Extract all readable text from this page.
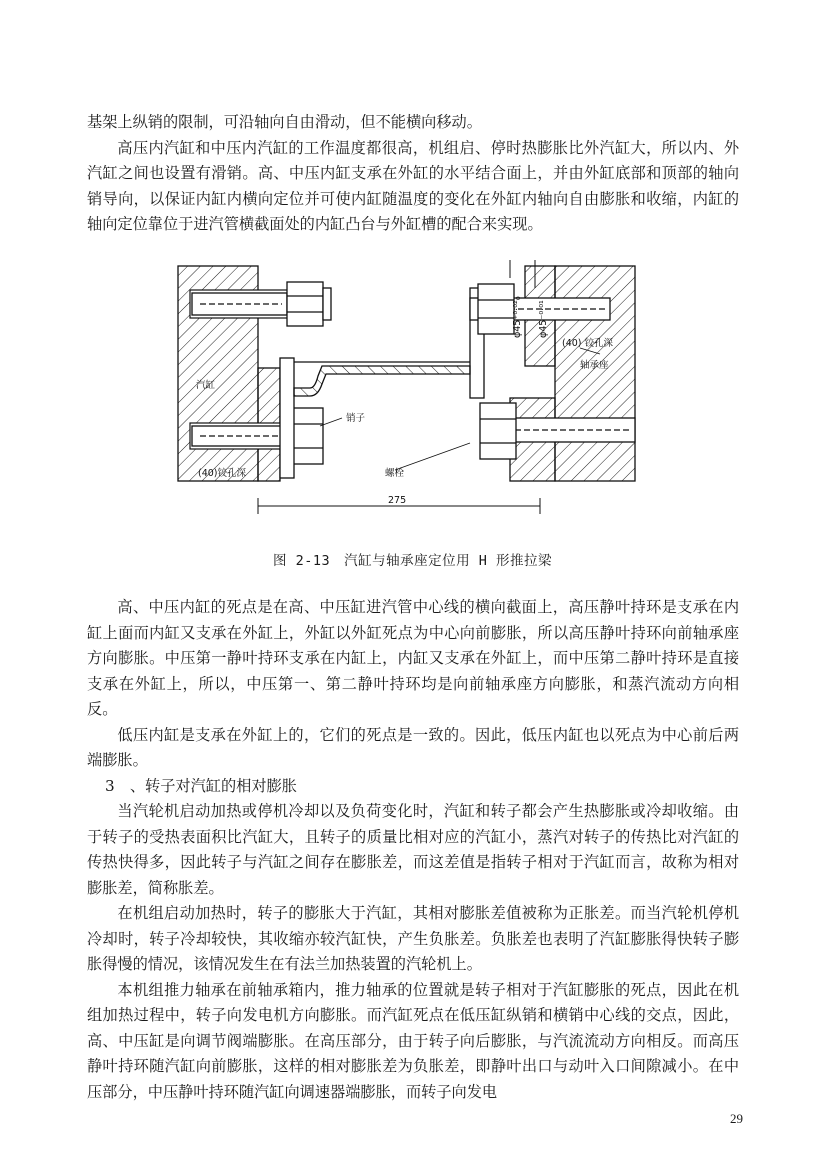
基架上纵销的限制，可沿轴向自由滑动，但不能横向移动。

高压内汽缸和中压内汽缸的工作温度都很高，机组启、停时热膨胀比外汽缸大，所以内、外汽缸之间也设置有滑销。高、中压内缸支承在外缸的水平结合面上，并由外缸底部和顶部的轴向销导向，以保证内缸内横向定位并可使内缸随温度的变化在外缸内轴向自由膨胀和收缩，内缸的轴向定位靠位于进汽管横截面处的内缸凸台与外缸槽的配合来实现。

汽缸
销子
(40)铰孔深
(40) 铰孔深
轴承座
螺栓
275
φ45⁺⁰·⁰²₀ φ45⁻⁰·⁰¹
图 2-13　汽缸与轴承座定位用 H 形推拉梁

高、中压内缸的死点是在高、中压缸进汽管中心线的横向截面上，高压静叶持环是支承在内缸上面而内缸又支承在外缸上，外缸以外缸死点为中心向前膨胀，所以高压静叶持环向前轴承座方向膨胀。中压第一静叶持环支承在内缸上，内缸又支承在外缸上，而中压第二静叶持环是直接支承在外缸上，所以，中压第一、第二静叶持环均是向前轴承座方向膨胀，和蒸汽流动方向相反。

低压内缸是支承在外缸上的，它们的死点是一致的。因此，低压内缸也以死点为中心前后两端膨胀。

3　、转子对汽缸的相对膨胀

当汽轮机启动加热或停机冷却以及负荷变化时，汽缸和转子都会产生热膨胀或冷却收缩。由于转子的受热表面积比汽缸大，且转子的质量比相对应的汽缸小，蒸汽对转子的传热比对汽缸的传热快得多，因此转子与汽缸之间存在膨胀差，而这差值是指转子相对于汽缸而言，故称为相对膨胀差，简称胀差。

在机组启动加热时，转子的膨胀大于汽缸，其相对膨胀差值被称为正胀差。而当汽轮机停机冷却时，转子冷却较快，其收缩亦较汽缸快，产生负胀差。负胀差也表明了汽缸膨胀得快转子膨胀得慢的情况，该情况发生在有法兰加热装置的汽轮机上。

本机组推力轴承在前轴承箱内，推力轴承的位置就是转子相对于汽缸膨胀的死点，因此在机组加热过程中，转子向发电机方向膨胀。而汽缸死点在低压缸纵销和横销中心线的交点，因此，高、中压缸是向调节阀端膨胀。在高压部分，由于转子向后膨胀，与汽流流动方向相反。而高压静叶持环随汽缸向前膨胀，这样的相对膨胀差为负胀差，即静叶出口与动叶入口间隙减小。在中压部分，中压静叶持环随汽缸向调速器端膨胀，而转子向发电

29
